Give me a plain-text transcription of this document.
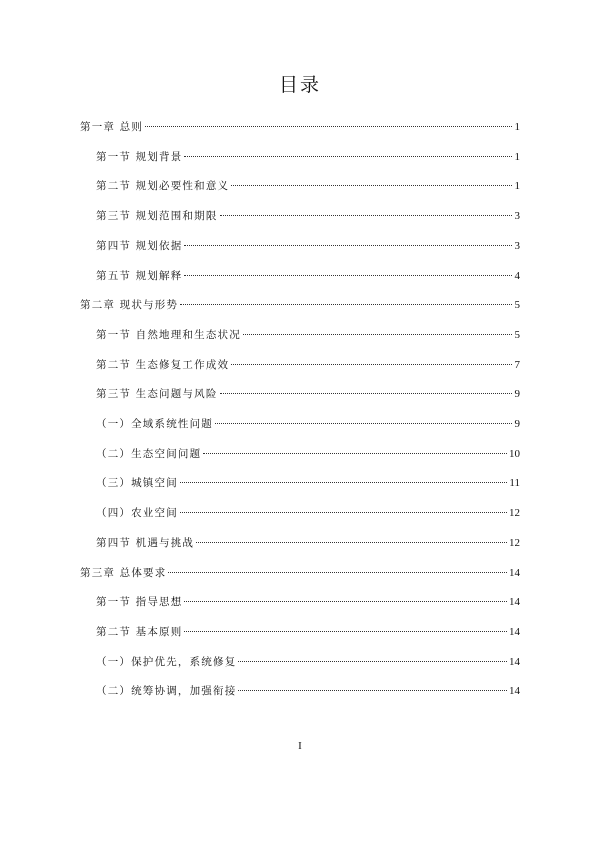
目录
第一章 总则	1
第一节 规划背景	1
第二节 规划必要性和意义	1
第三节 规划范围和期限	3
第四节 规划依据	3
第五节 规划解释	4
第二章 现状与形势	5
第一节 自然地理和生态状况	5
第二节 生态修复工作成效	7
第三节 生态问题与风险	9
（一）全域系统性问题	9
（二）生态空间问题	10
（三）城镇空间	11
（四）农业空间	12
第四节 机遇与挑战	12
第三章 总体要求	14
第一节 指导思想	14
第二节 基本原则	14
（一）保护优先，系统修复	14
（二）统筹协调，加强衔接	14
I
